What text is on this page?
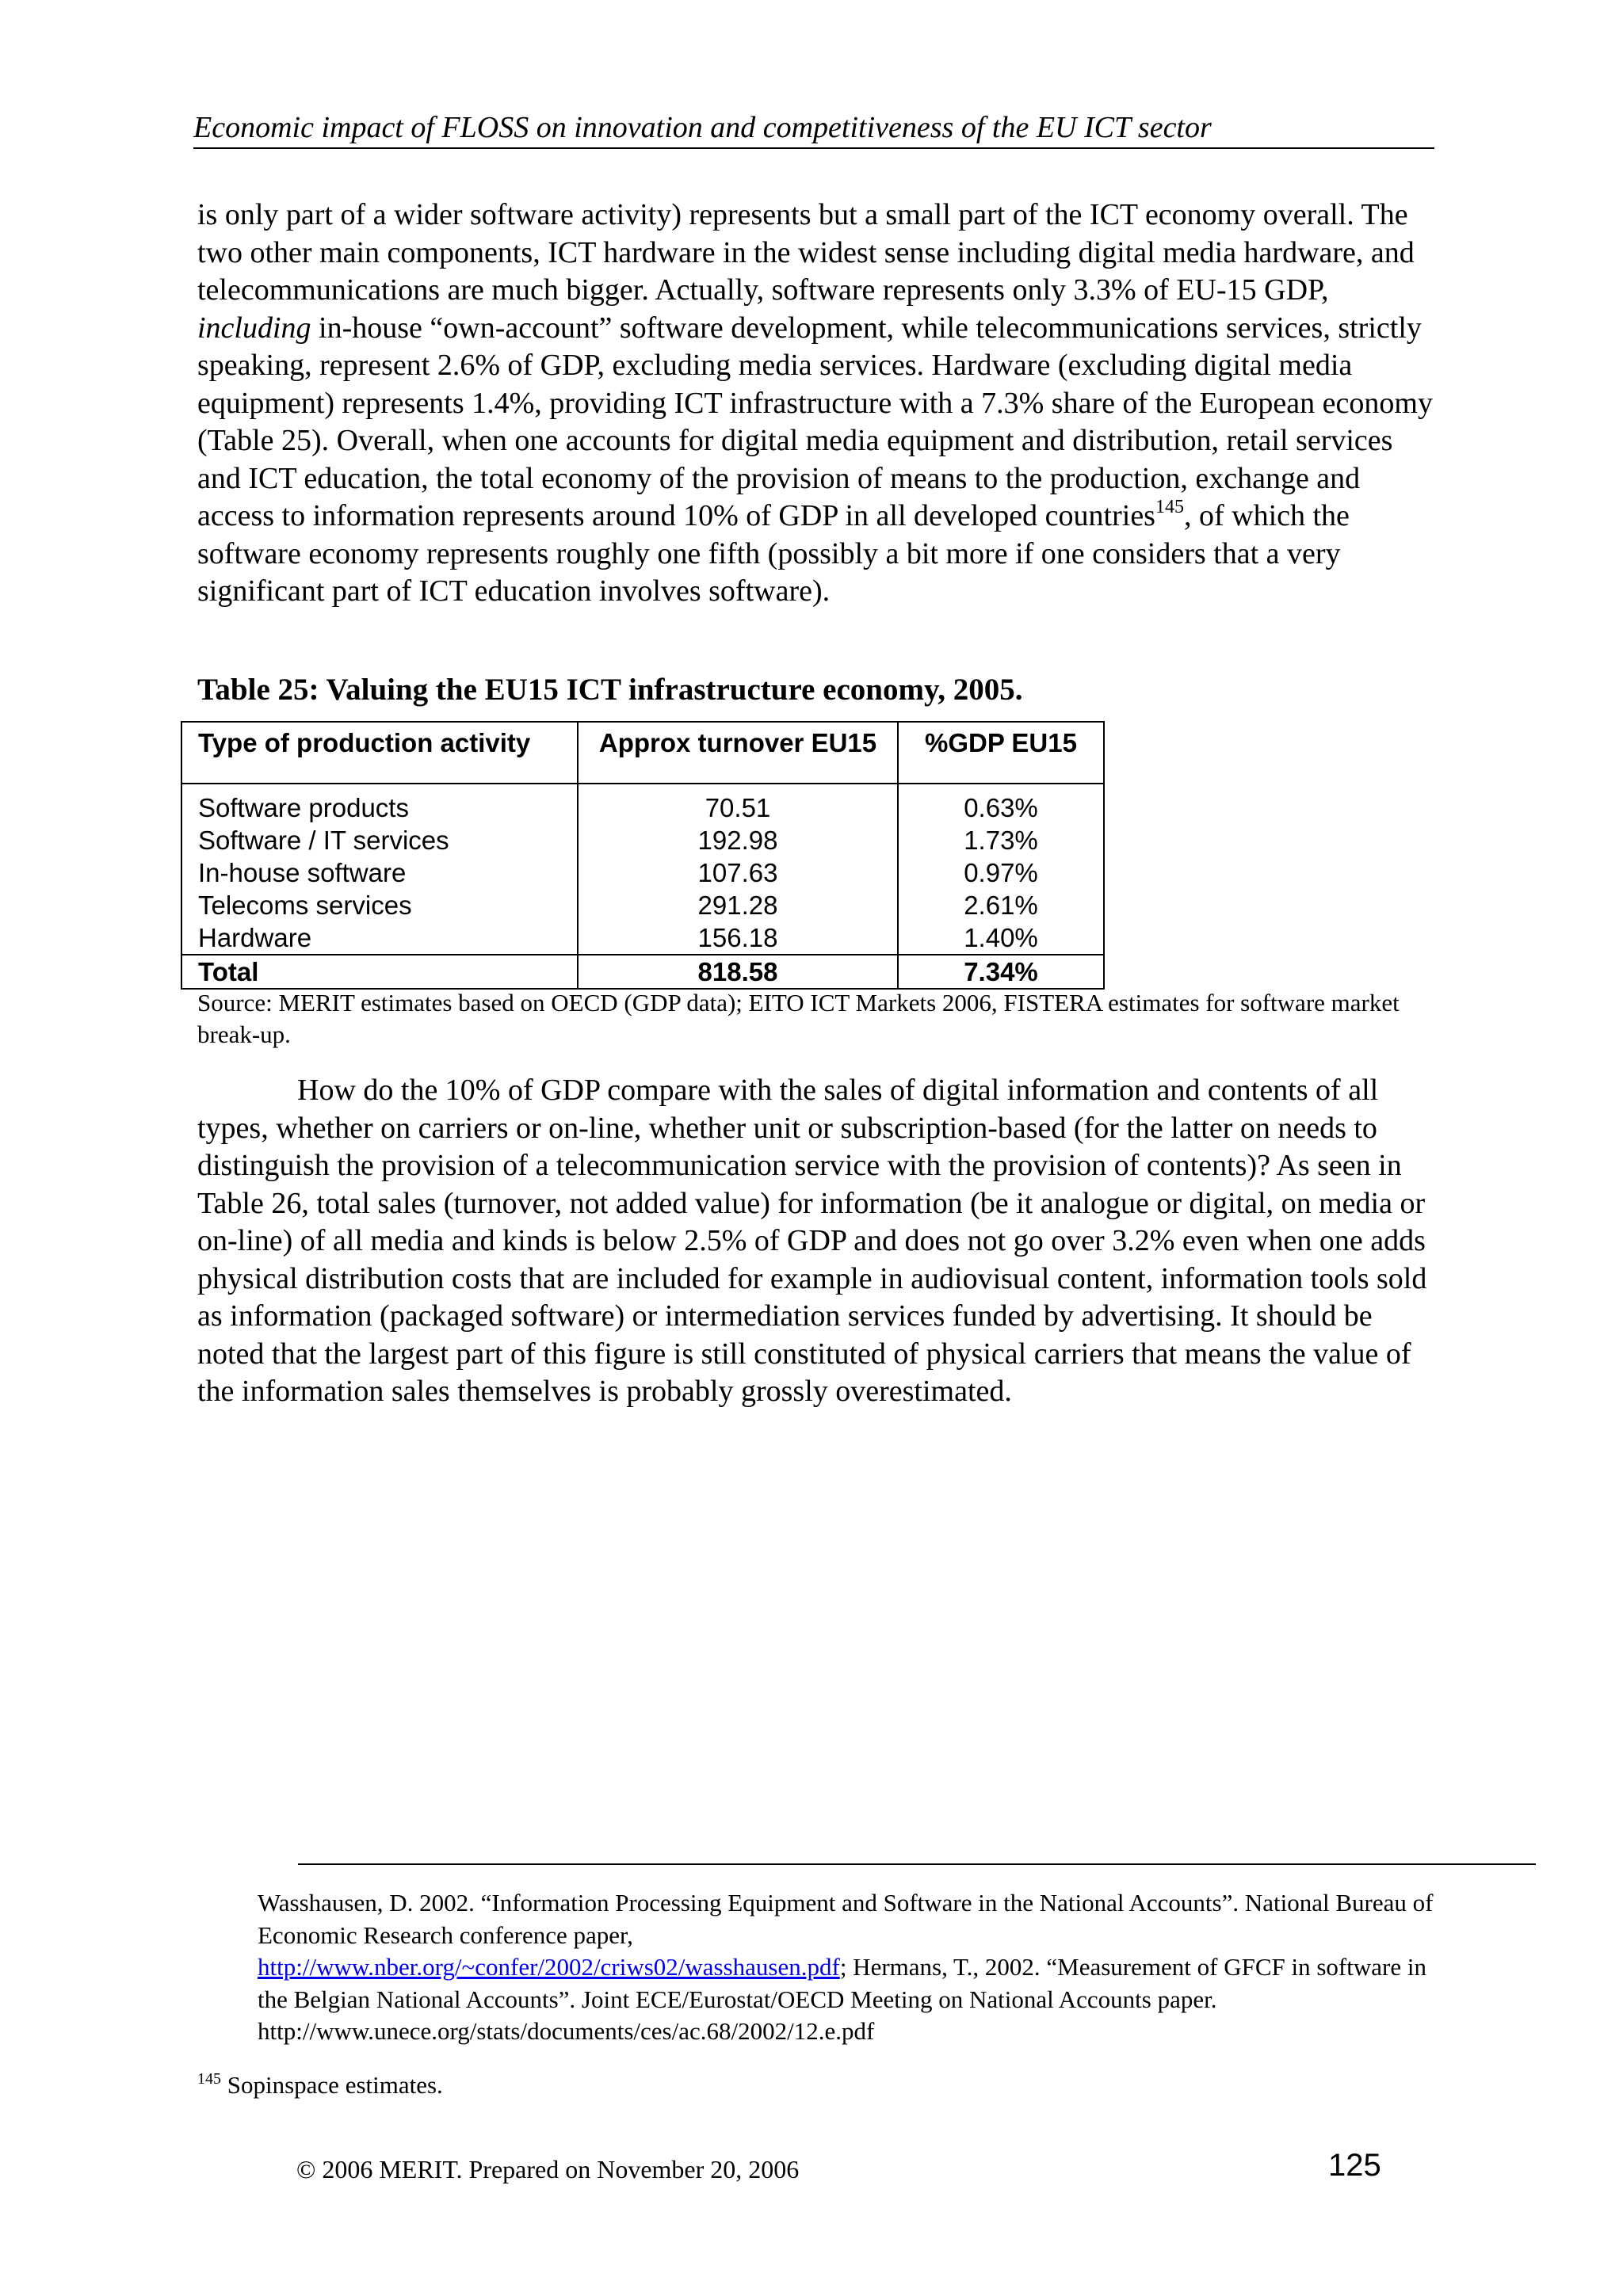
Economic impact of FLOSS on innovation and competitiveness of the EU ICT sector
is only part of a wider software activity) represents but a small part of the ICT economy overall. The two other main components, ICT hardware in the widest sense including digital media hardware, and telecommunications are much bigger. Actually, software represents only 3.3% of EU-15 GDP, including in-house “own-account” software development, while telecommunications services, strictly speaking, represent 2.6% of GDP, excluding media services. Hardware (excluding digital media equipment) represents 1.4%, providing ICT infrastructure with a 7.3% share of the European economy (Table 25). Overall, when one accounts for digital media equipment and distribution, retail services and ICT education, the total economy of the provision of means to the production, exchange and access to information represents around 10% of GDP in all developed countries$^{145}$, of which the software economy represents roughly one fifth (possibly a bit more if one considers that a very significant part of ICT education involves software).
Table 25: Valuing the EU15 ICT infrastructure economy, 2005.
Type of production activity	Approx turnover EU15	%GDP EU15
Software products	70.51	0.63%
Software / IT services	192.98	1.73%
In-house software	107.63	0.97%
Telecoms services	291.28	2.61%
Hardware	156.18	1.40%
Total	818.58	7.34%
Source: MERIT estimates based on OECD (GDP data); EITO ICT Markets 2006, FISTERA estimates for software market break-up.
How do the 10% of GDP compare with the sales of digital information and contents of all types, whether on carriers or on-line, whether unit or subscription-based (for the latter on needs to distinguish the provision of a telecommunication service with the provision of contents)? As seen in Table 26, total sales (turnover, not added value) for information (be it analogue or digital, on media or on-line) of all media and kinds is below 2.5% of GDP and does not go over 3.2% even when one adds physical distribution costs that are included for example in audiovisual content, information tools sold as information (packaged software) or intermediation services funded by advertising. It should be noted that the largest part of this figure is still constituted of physical carriers that means the value of the information sales themselves is probably grossly overestimated.
Wasshausen, D. 2002. “Information Processing Equipment and Software in the National Accounts”. National Bureau of Economic Research conference paper,
http://www.nber.org/~confer/2002/criws02/wasshausen.pdf; Hermans, T., 2002. “Measurement of GFCF in software in the Belgian National Accounts”. Joint ECE/Eurostat/OECD Meeting on National Accounts paper. http://www.unece.org/stats/documents/ces/ac.68/2002/12.e.pdf
$^{145}$ Sopinspace estimates.
© 2006 MERIT. Prepared on November 20, 2006	125
